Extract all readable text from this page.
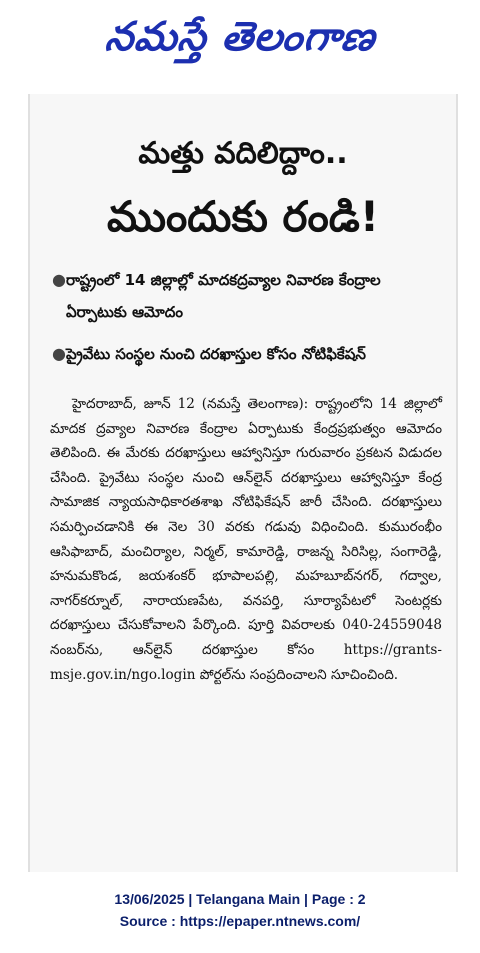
నమస్తే తెలంగాణ
మత్తు వదిలిద్దాం..
ముందుకు రండి!
● రాష్ట్రంలో 14 జిల్లాల్లో మాదకద్రవ్యాల నివారణ కేంద్రాల ఏర్పాటుకు ఆమోదం
● ప్రైవేటు సంస్థల నుంచి దరఖాస్తుల కోసం నోటిఫికేషన్

హైదరాబాద్, జూన్ 12 (నమస్తే తెలంగాణ): రాష్ట్రంలోని 14 జిల్లాలో మాదక ద్రవ్యాల నివారణ కేంద్రాల ఏర్పాటుకు కేంద్రప్రభుత్వం ఆమోదం తెలిపింది. ఈ మేరకు దరఖాస్తులు ఆహ్వానిస్తూ గురువారం ప్రకటన విడుదల చేసింది. ప్రైవేటు సంస్థల నుంచి ఆన్‌లైన్ దరఖాస్తులు ఆహ్వానిస్తూ కేంద్ర సామాజిక న్యాయసాధికారతశాఖ నోటిఫికేషన్ జారీ చేసింది. దరఖాస్తులు సమర్పించడానికి ఈ నెల 30 వరకు గడువు విధించింది. కుమురంభీం ఆసిఫాబాద్, మంచిర్యాల, నిర్మల్, కామారెడ్డి, రాజన్న సిరిసిల్ల, సంగారెడ్డి, హనుమకొండ, జయశంకర్ భూపాలపల్లి, మహబూబ్‌నగర్, గద్వాల, నాగర్‌కర్నూల్, నారాయణపేట, వనపర్తి, సూర్యాపేటలో సెంటర్లకు దరఖాస్తులు చేసుకోవాలని పేర్కొంది. పూర్తి వివరాలకు 040-24559048 నంబర్‌ను, ఆన్‌లైన్ దరఖాస్తుల కోసం https://grants-msje.gov.in/ngo.login పోర్టల్‌ను సంప్రదించాలని సూచించింది.

13/06/2025 | Telangana Main | Page : 2
Source : https://epaper.ntnews.com/
